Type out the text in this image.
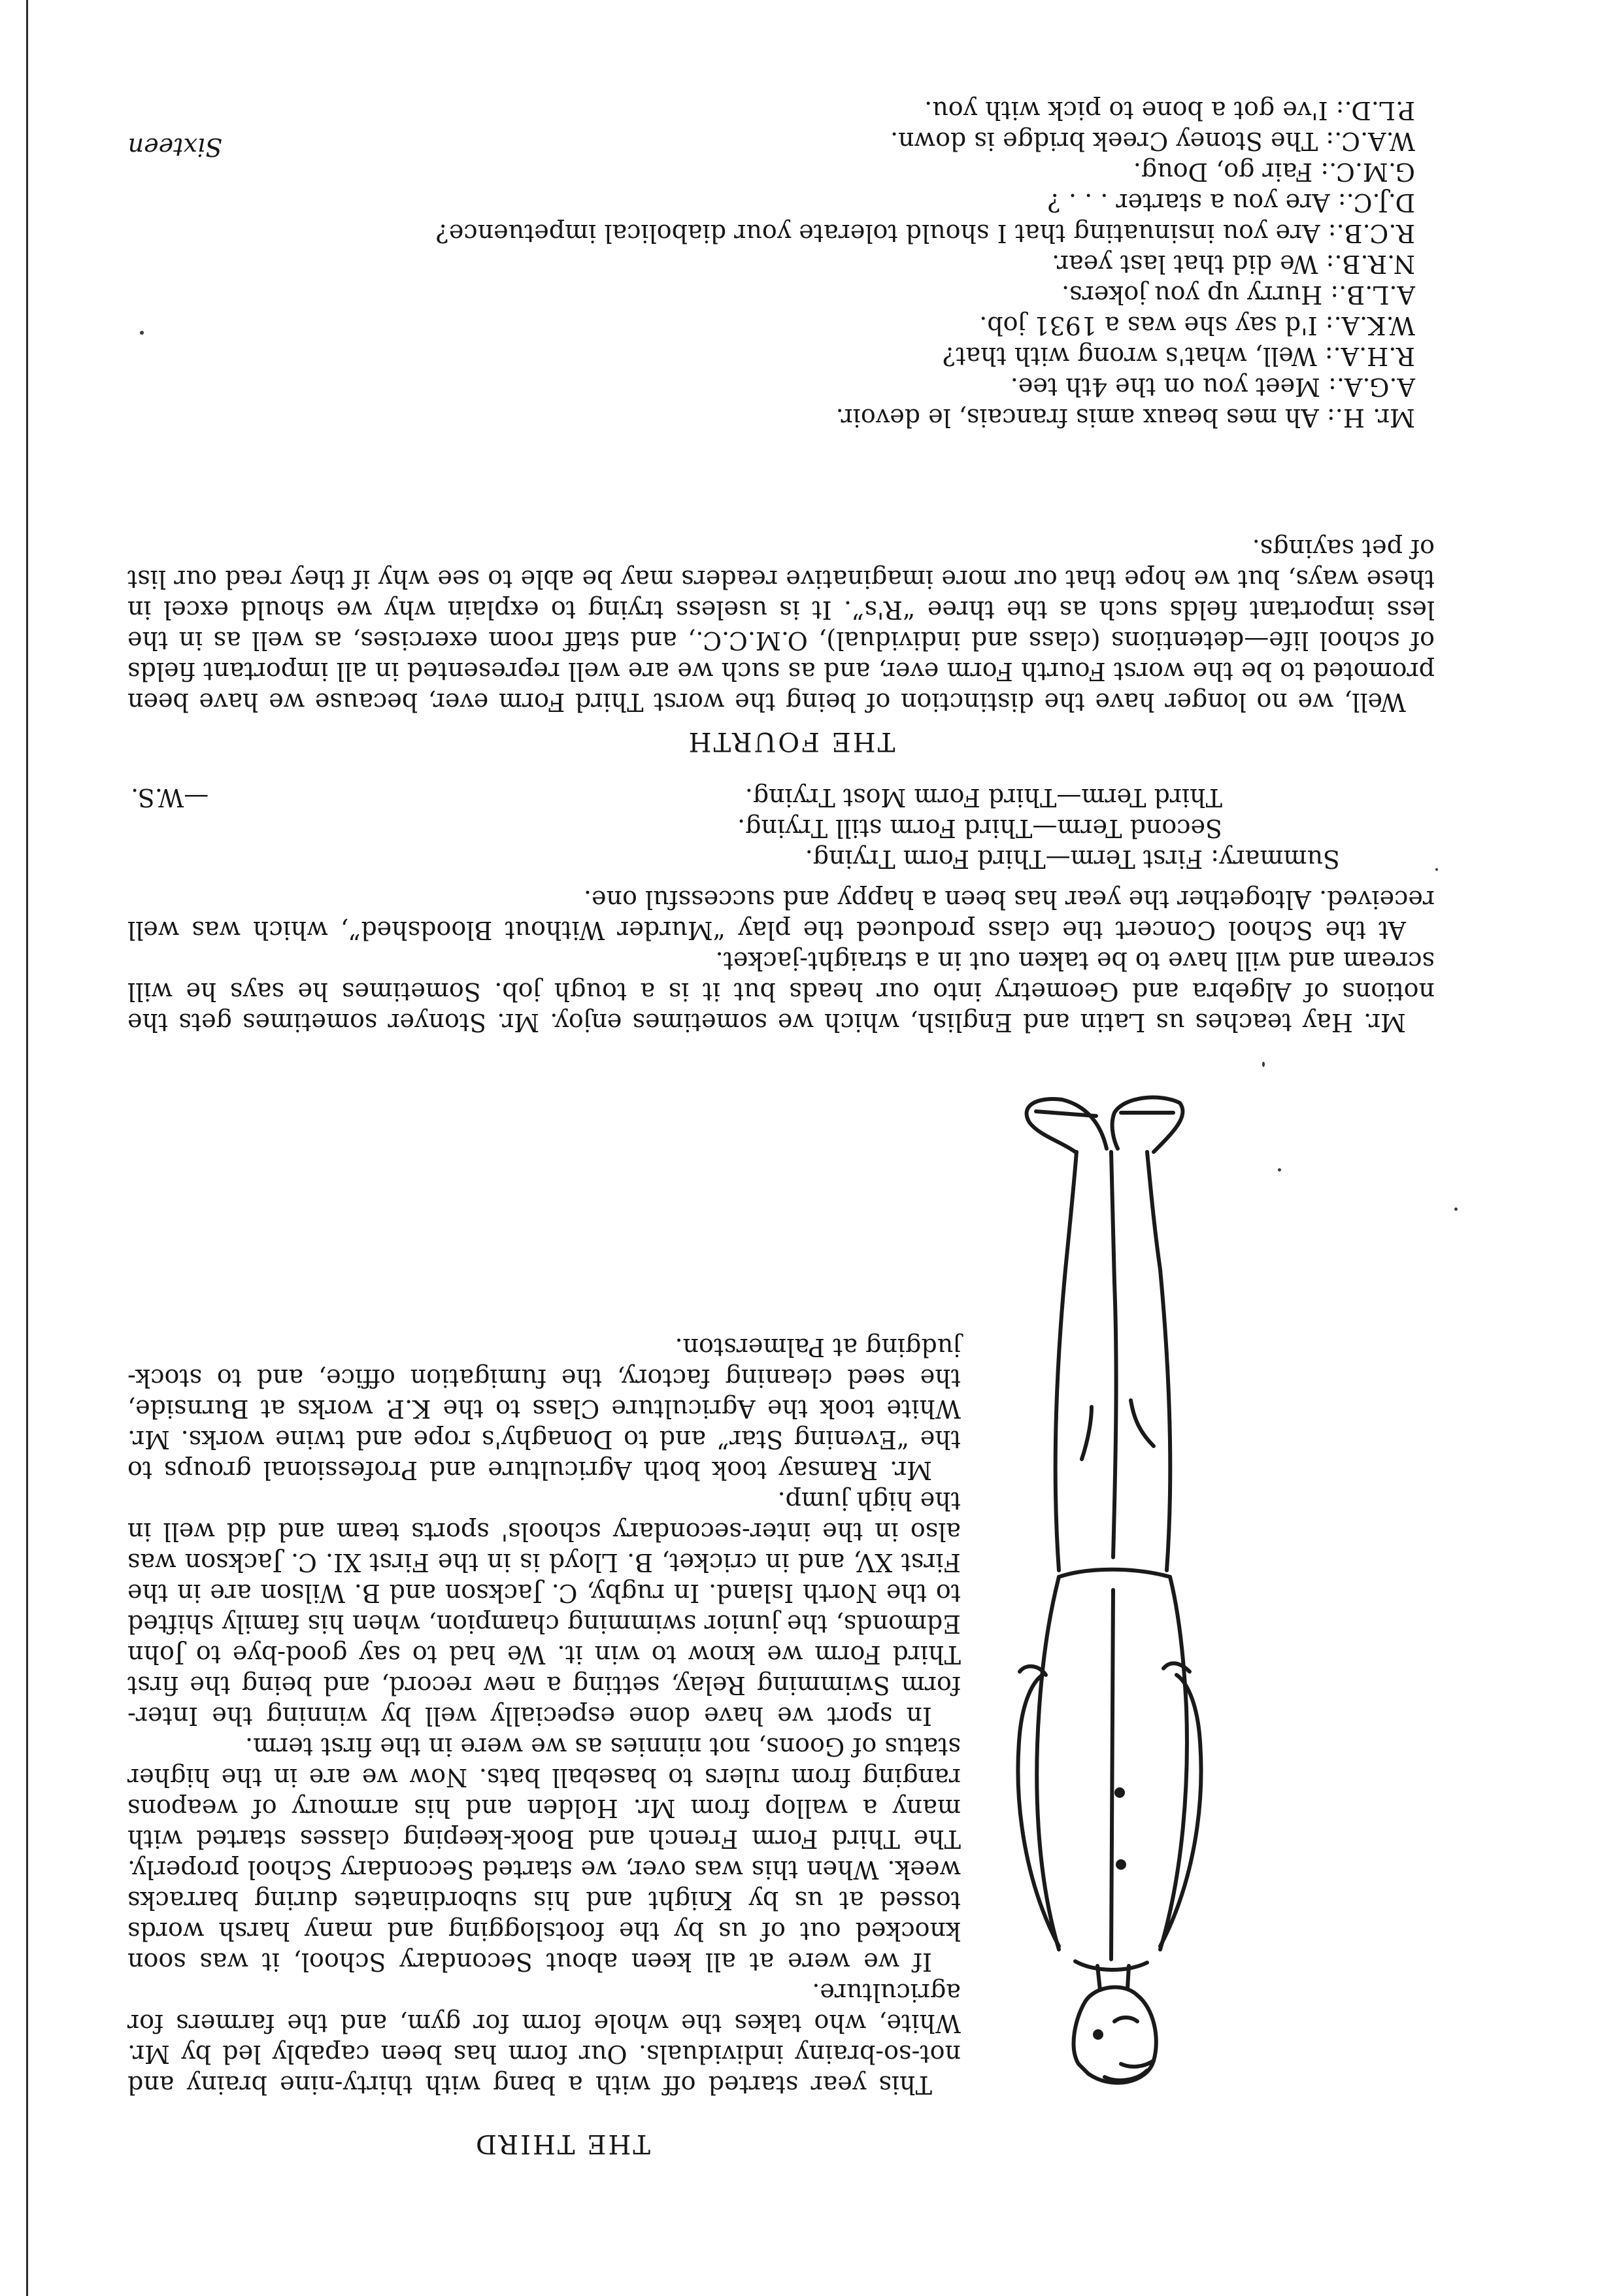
THE THIRD

This year started off with a bang with thirty-nine brainy and not-so-brainy individuals. Our form has been capably led by Mr. White, who takes the whole form for gym, and the farmers for agriculture.

If we were at all keen about Secondary School, it was soon knocked out of us by the footslogging and many harsh words tossed at us by Knight and his subordinates during barracks week. When this was over, we started Secondary School properly. The Third Form French and Book-keeping classes started with many a wallop from Mr. Holden and his armoury of weapons ranging from rulers to baseball bats. Now we are in the higher status of Goons, not ninnies as we were in the first term.

In sport we have done especially well by winning the Inter-form Swimming Relay, setting a new record, and being the first Third Form we know to win it. We had to say good-bye to John Edmonds, the junior swimming champion, when his family shifted to the North Island. In rugby, C. Jackson and B. Wilson are in the First XV, and in cricket, B. Lloyd is in the First XI. C. Jackson was also in the inter-secondary schools' sports team and did well in the high jump.

Mr. Ramsay took both Agriculture and Professional groups to the “Evening Star” and to Donaghy's rope and twine works. Mr. White took the Agriculture Class to the K.P. works at Burnside, the seed cleaning factory, the fumigation office, and to stock-judging at Palmerston.

Mr. Hay teaches us Latin and English, which we sometimes enjoy. Mr. Stonyer sometimes gets the notions of Algebra and Geometry into our heads but it is a tough job. Sometimes he says he will scream and will have to be taken out in a straight-jacket.

At the School Concert the class produced the play “Murder Without Bloodshed”, which was well received. Altogether the year has been a happy and successful one.

Summary: First Term—Third Form Trying.
Second Term—Third Form still Trying.
Third Term—Third Form Most Trying.
—W.S.
THE FOURTH

Well, we no longer have the distinction of being the worst Third Form ever, because we have been promoted to be the worst Fourth Form ever, and as such we are well represented in all important fields of school life—detentions (class and individual), O.M.C.C., and staff room exercises, as well as in the less important fields such as the three “R's”. It is useless trying to explain why we should excel in these ways, but we hope that our more imaginative readers may be able to see why if they read our list of pet sayings.

Mr. H.: Ah mes beaux amis francais, le devoir.
A.G.A.: Meet you on the 4th tee.
R.H.A.: Well, what's wrong with that?
W.K.A.: I'd say she was a 1931 job.
A.L.B.: Hurry up you jokers.
N.R.B.: We did that last year.
R.C.B.: Are you insinuating that I should tolerate your diabolical impetuence?
D.J.C.: Are you a starter . . . ?
G.M.C.: Fair go, Doug.
W.A.C.: The Stoney Creek bridge is down.
P.L.D.: I've got a bone to pick with you.
Sixteen
